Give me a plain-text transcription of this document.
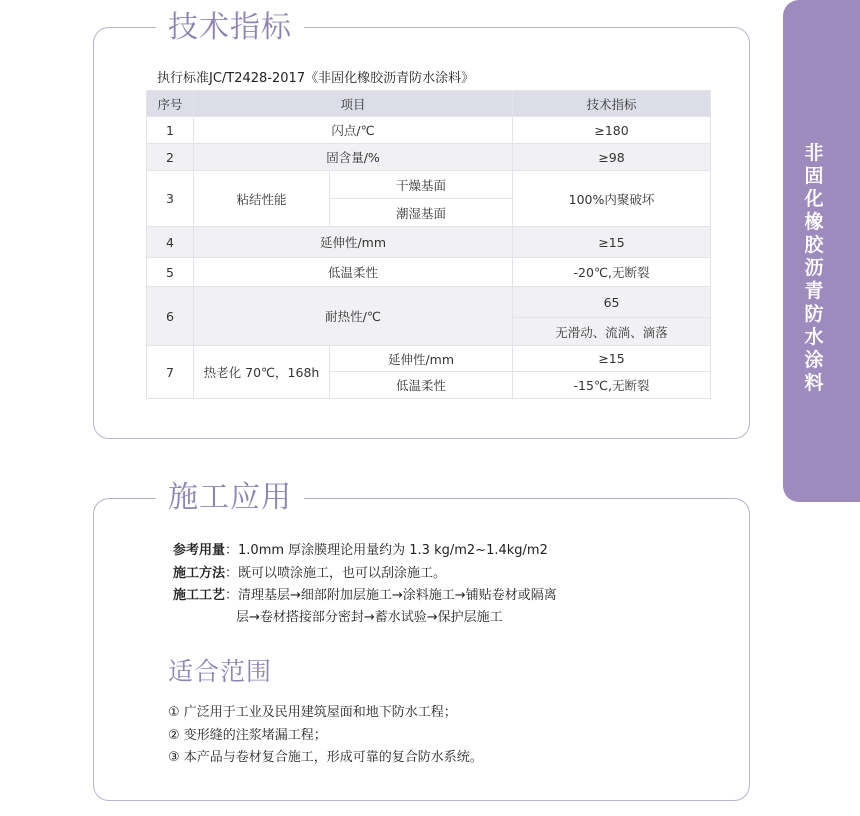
非固化橡胶沥青防水涂料
技术指标
执行标准JC/T2428-2017《非固化橡胶沥青防水涂料》
序号	项目		技术指标
1	闪点/℃		≥180
2	固含量/%		≥98
3	粘结性能	干燥基面	100%内聚破坏
		潮湿基面	
4	延伸性/mm		≥15
5	低温柔性		-20℃,无断裂
6	耐热性/℃		65
			无滑动、流淌、滴落
7	热老化 70℃，168h	延伸性/mm	≥15
		低温柔性	-15℃,无断裂
施工应用
参考用量：1.0mm 厚涂膜理论用量约为 1.3 kg/m2~1.4kg/m2
施工方法：既可以喷涂施工，也可以刮涂施工。
施工工艺：清理基层→细部附加层施工→涂料施工→铺贴卷材或隔离
层→卷材搭接部分密封→蓄水试验→保护层施工
适合范围
① 广泛用于工业及民用建筑屋面和地下防水工程；
② 变形缝的注浆堵漏工程；
③ 本产品与卷材复合施工，形成可靠的复合防水系统。
